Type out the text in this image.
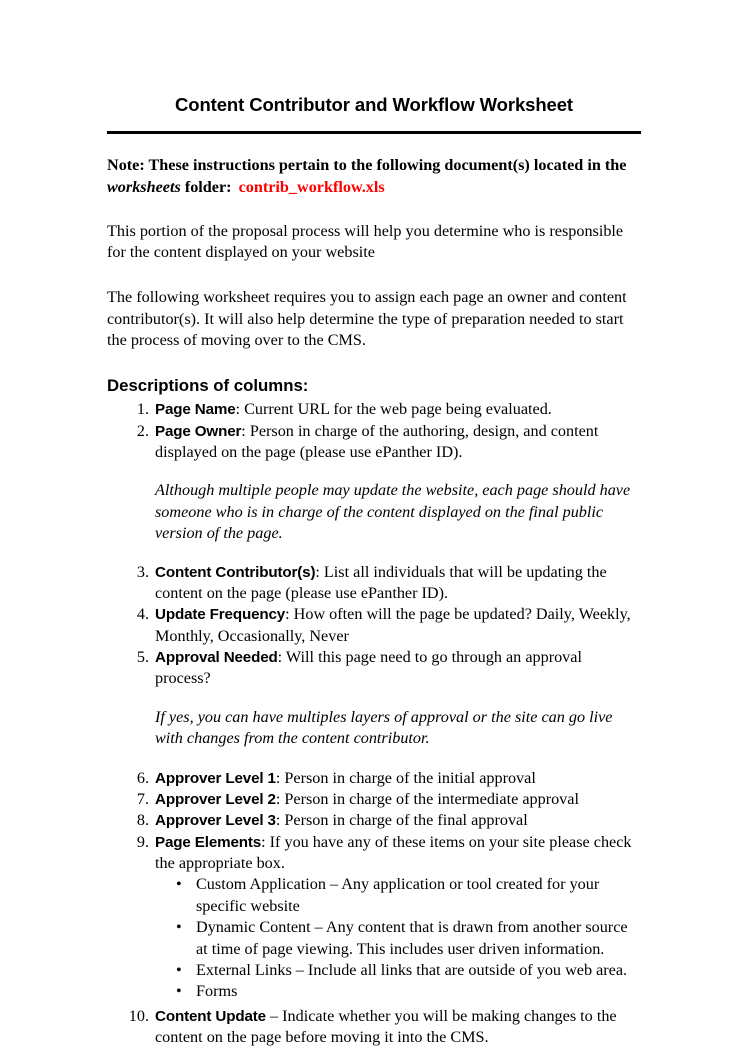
Content Contributor and Workflow Worksheet

Note: These instructions pertain to the following document(s) located in the
worksheets folder: contrib_workflow.xls

This portion of the proposal process will help you determine who is responsible for the content displayed on your website

The following worksheet requires you to assign each page an owner and content contributor(s). It will also help determine the type of preparation needed to start the process of moving over to the CMS.

Descriptions of columns:
1. Page Name: Current URL for the web page being evaluated.
2. Page Owner: Person in charge of the authoring, design, and content displayed on the page (please use ePanther ID).

Although multiple people may update the website, each page should have someone who is in charge of the content displayed on the final public version of the page.

3. Content Contributor(s): List all individuals that will be updating the content on the page (please use ePanther ID).
4. Update Frequency: How often will the page be updated? Daily, Weekly, Monthly, Occasionally, Never
5. Approval Needed: Will this page need to go through an approval process?

If yes, you can have multiples layers of approval or the site can go live with changes from the content contributor.

6. Approver Level 1: Person in charge of the initial approval
7. Approver Level 2: Person in charge of the intermediate approval
8. Approver Level 3: Person in charge of the final approval
9. Page Elements: If you have any of these items on your site please check the appropriate box.
• Custom Application – Any application or tool created for your specific website
• Dynamic Content – Any content that is drawn from another source at time of page viewing. This includes user driven information.
• External Links – Include all links that are outside of you web area.
• Forms
10. Content Update – Indicate whether you will be making changes to the content on the page before moving it into the CMS.
